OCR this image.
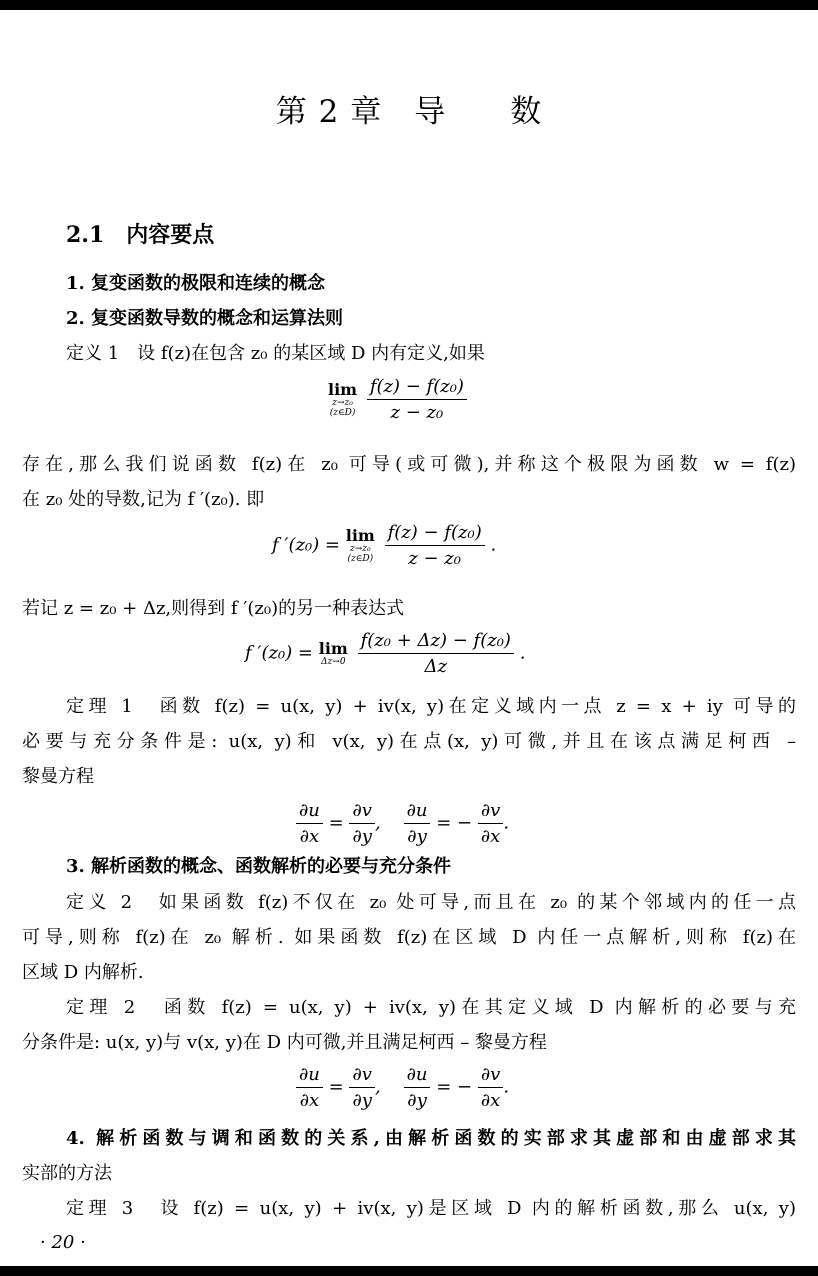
第 2 章　导　　数
2.1　内容要点
1. 复变函数的极限和连续的概念
2. 复变函数导数的概念和运算法则
定义 1　设 f(z)在包含 z₀ 的某区域 D 内有定义,如果
lim
z→z₀
(z∈D)
$\frac{\text{f(z) − f(z₀)}}{\text{z − z₀}}$
存在,那么我们说函数 f(z)在 z₀ 可导(或可微),并称这个极限为函数 w = f(z)
在 z₀ 处的导数,记为 f ′(z₀). 即
f ′(z₀) = lim
z→z₀
(z∈D)
$\frac{\text{f(z) − f(z₀)}}{\text{z − z₀}}$ .
若记 z = z₀ + Δz,则得到 f ′(z₀)的另一种表达式
f ′(z₀) = lim
Δz→0
$\frac{\text{f(z₀ + Δz) − f(z₀)}}{\Delta z}$ .
定理 1　函数 f(z) = u(x, y) + iv(x, y)在定义域内一点 z = x + iy 可导的
必要与充分条件是: u(x, y)和 v(x, y)在点(x, y)可微,并且在该点满足柯西 –
黎曼方程
$\frac{\partial u}{\partial x} = \frac{\partial v}{\partial y}$ , $\frac{\partial u}{\partial y}$ = − $\frac{\partial v}{\partial x}$ .
3. 解析函数的概念、函数解析的必要与充分条件
定义 2　如果函数 f(z)不仅在 z₀ 处可导,而且在 z₀ 的某个邻域内的任一点
可导,则称 f(z)在 z₀ 解析. 如果函数 f(z)在区域 D 内任一点解析,则称 f(z)在
区域 D 内解析.
定理 2　函数 f(z) = u(x, y) + iv(x, y)在其定义域 D 内解析的必要与充
分条件是: u(x, y)与 v(x, y)在 D 内可微,并且满足柯西 – 黎曼方程
$\frac{\partial u}{\partial x} = \frac{\partial v}{\partial y}$ , $\frac{\partial u}{\partial y}$ = − $\frac{\partial v}{\partial x}$ .
4. 解析函数与调和函数的关系,由解析函数的实部求其虚部和由虚部求其
实部的方法
定理 3　设 f(z) = u(x, y) + iv(x, y)是区域 D 内的解析函数,那么 u(x, y)
· 20 ·
